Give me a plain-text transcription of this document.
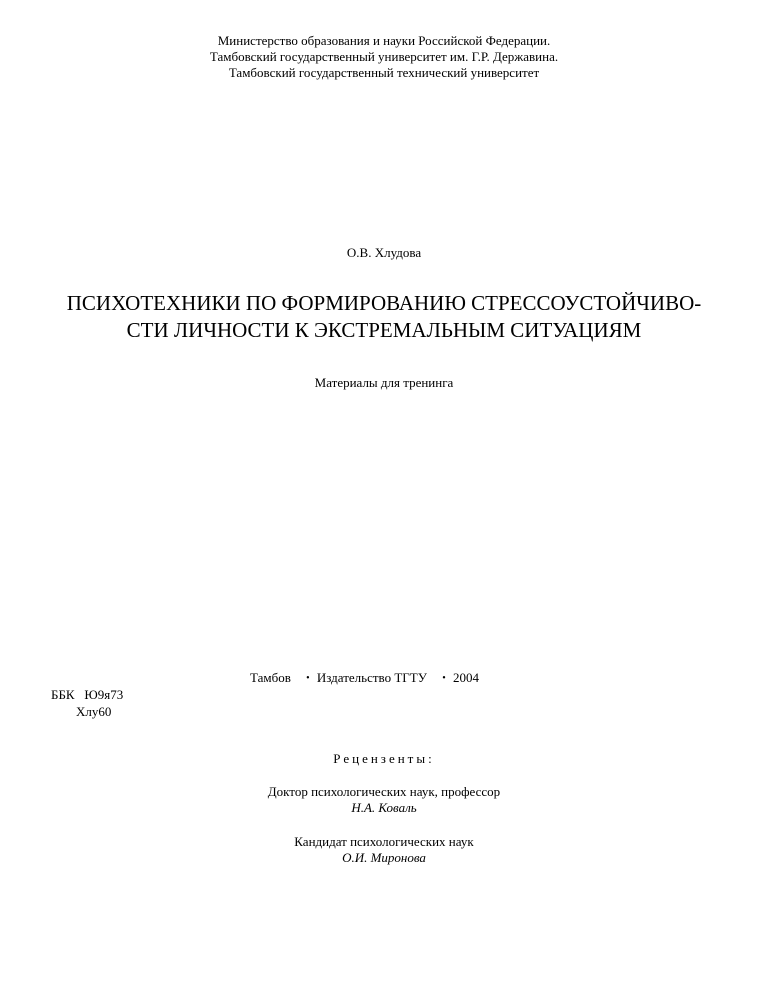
Министерство образования и науки Российской Федерации.
Тамбовский государственный университет им. Г.Р. Державина.
Тамбовский государственный технический университет
О.В. Хлудова
ПСИХОТЕХНИКИ ПО ФОРМИРОВАНИЮ СТРЕССОУСТОЙЧИВО-
СТИ ЛИЧНОСТИ К ЭКСТРЕМАЛЬНЫМ СИТУАЦИЯМ
Материалы для тренинга
Тамбов • Издательство ТГТУ • 2004
ББК Ю9я73
Хлу60
Рецензенты:
Доктор психологических наук, профессор
Н.А. Коваль
Кандидат психологических наук
О.И. Миронова
